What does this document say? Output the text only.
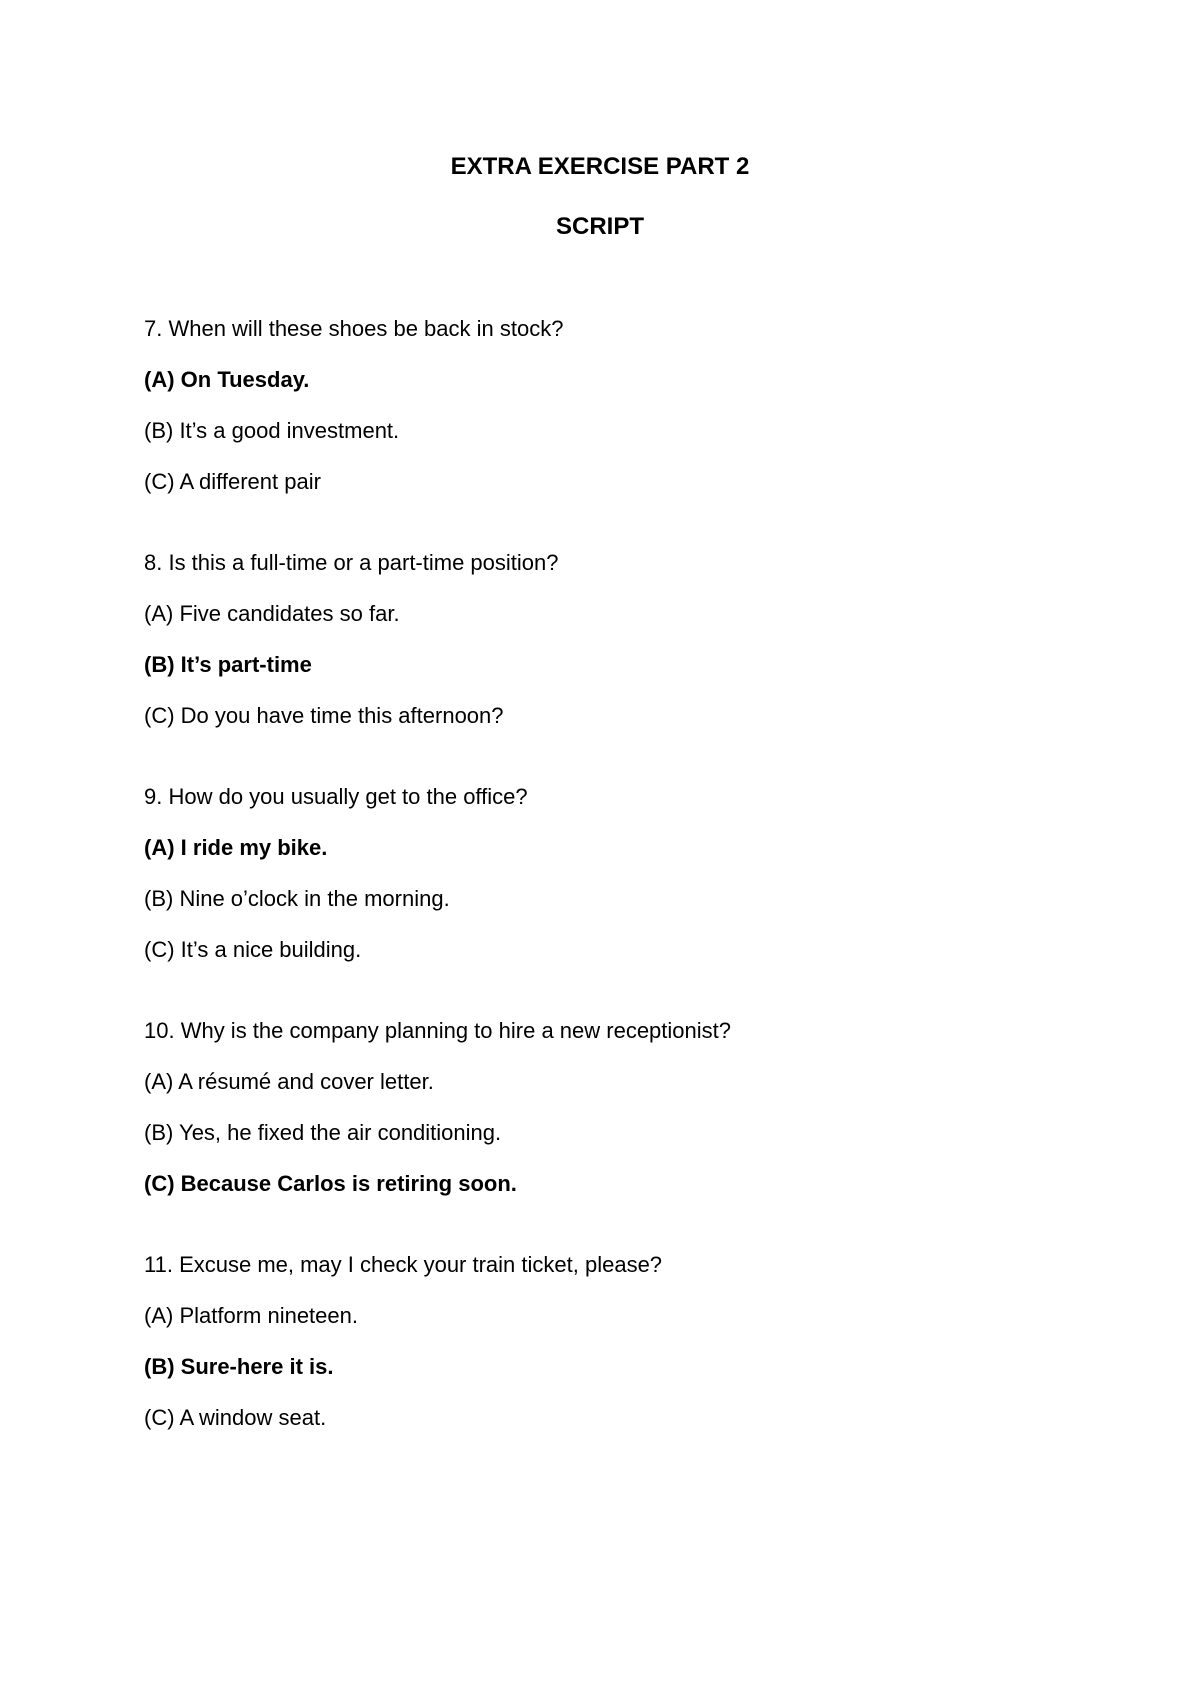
EXTRA EXERCISE PART 2
SCRIPT
7. When will these shoes be back in stock?
(A) On Tuesday.
(B) It’s a good investment.
(C) A different pair
8. Is this a full-time or a part-time position?
(A) Five candidates so far.
(B) It’s part-time
(C) Do you have time this afternoon?
9. How do you usually get to the office?
(A) I ride my bike.
(B) Nine o’clock in the morning.
(C) It’s a nice building.
10. Why is the company planning to hire a new receptionist?
(A) A résumé and cover letter.
(B) Yes, he fixed the air conditioning.
(C) Because Carlos is retiring soon.
11. Excuse me, may I check your train ticket, please?
(A) Platform nineteen.
(B) Sure-here it is.
(C) A window seat.
